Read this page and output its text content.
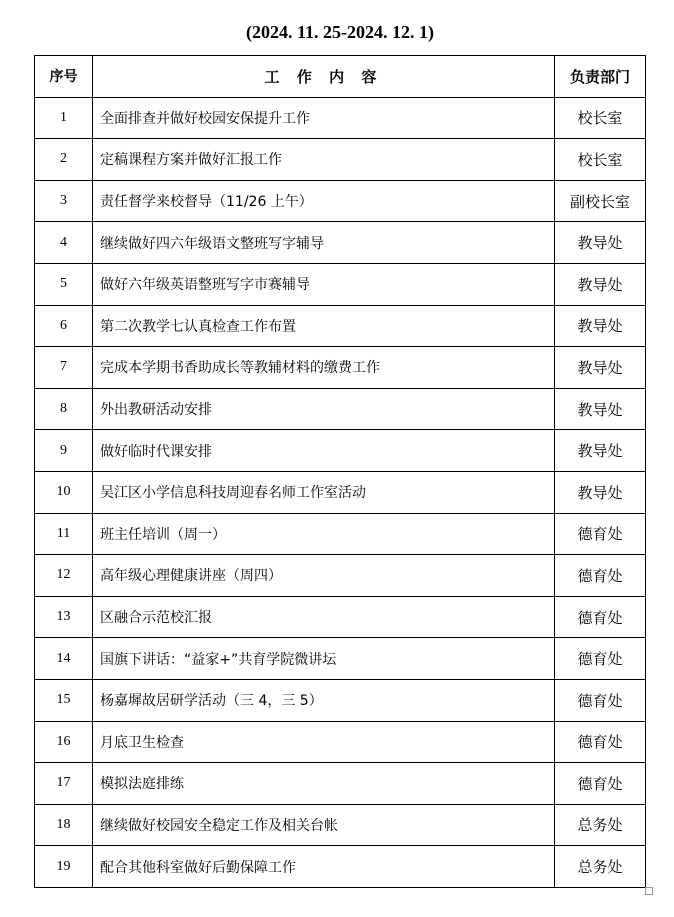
(2024. 11. 25-2024. 12. 1)
序号	工 作 内 容	负责部门
1	全面排查并做好校园安保提升工作	校长室
2	定稿课程方案并做好汇报工作	校长室
3	责任督学来校督导（11/26 上午）	副校长室
4	继续做好四六年级语文整班写字辅导	教导处
5	做好六年级英语整班写字市赛辅导	教导处
6	第二次教学七认真检查工作布置	教导处
7	完成本学期书香助成长等教辅材料的缴费工作	教导处
8	外出教研活动安排	教导处
9	做好临时代课安排	教导处
10	吴江区小学信息科技周迎春名师工作室活动	教导处
11	班主任培训（周一）	德育处
12	高年级心理健康讲座（周四）	德育处
13	区融合示范校汇报	德育处
14	国旗下讲话：“益家+”共育学院微讲坛	德育处
15	杨嘉墀故居研学活动（三 4，三 5）	德育处
16	月底卫生检查	德育处
17	模拟法庭排练	德育处
18	继续做好校园安全稳定工作及相关台帐	总务处
19	配合其他科室做好后勤保障工作	总务处
